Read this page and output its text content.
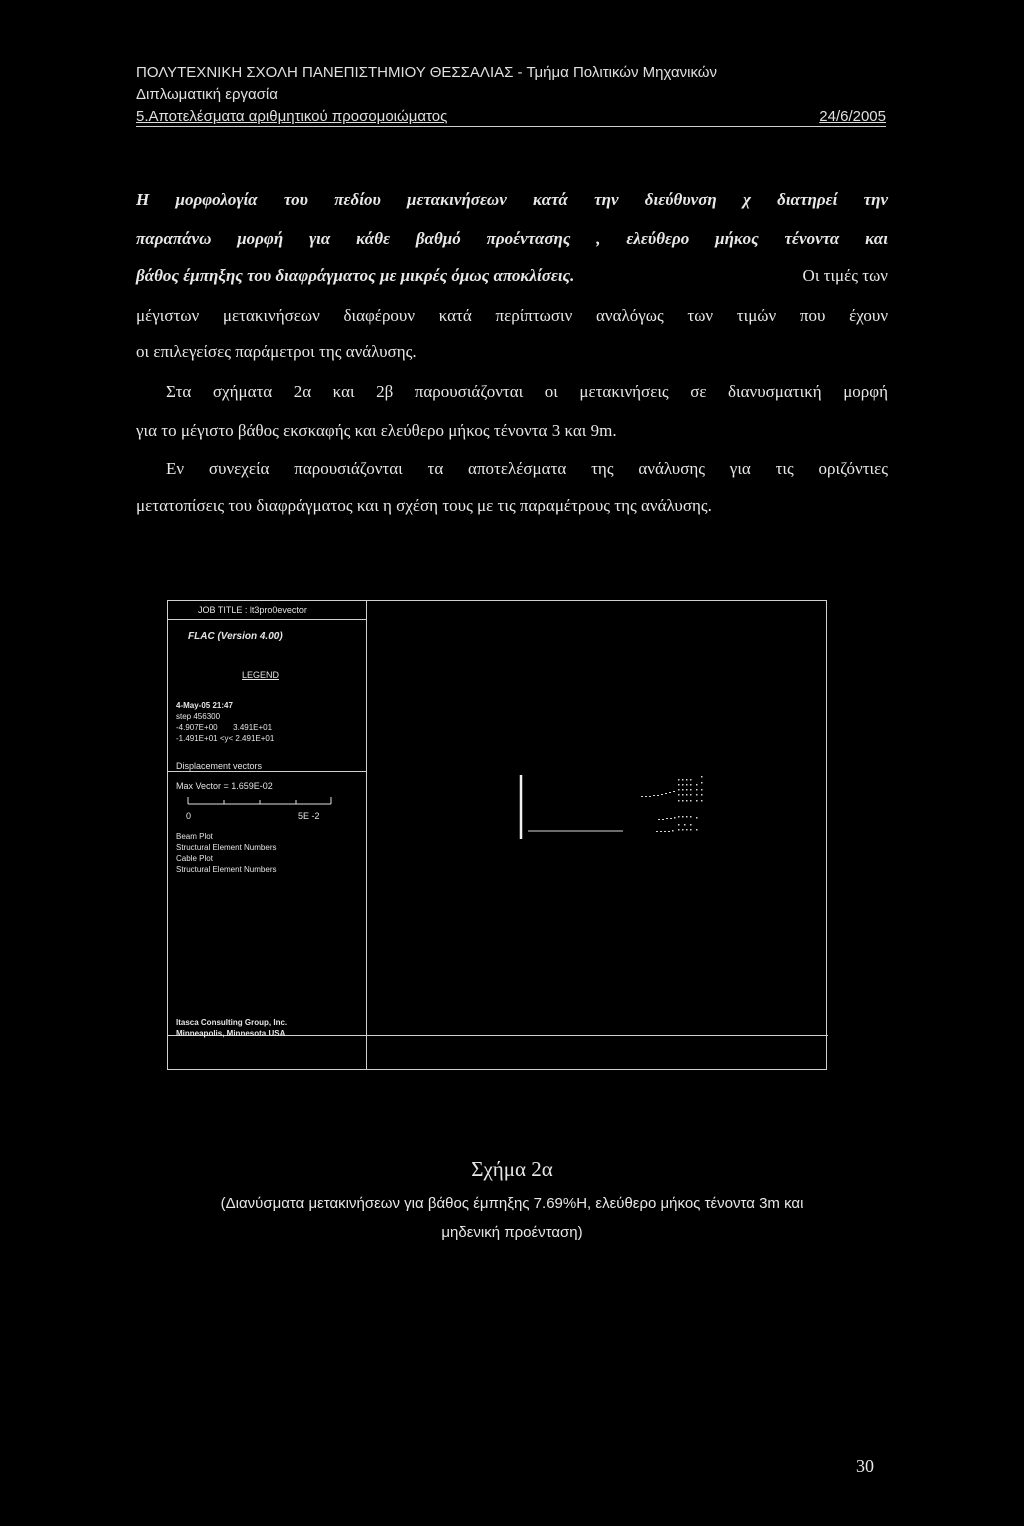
ΠΟΛΥΤΕΧΝΙΚΗ ΣΧΟΛΗ ΠΑΝΕΠΙΣΤΗΜΙΟΥ ΘΕΣΣΑΛΙΑΣ - Τμήμα Πολιτικών Μηχανικών
Διπλωματική εργασία
5.Αποτελέσματα αριθμητικού προσομοιώματος	24/6/2005
Η μορφολογία του πεδίου μετακινήσεων κατά την διεύθυνση χ διατηρεί την
παραπάνω μορφή για κάθε βαθμό προέντασης , ελεύθερο μήκος τένοντα και
βάθος έμπηξης του διαφράγματος με μικρές όμως αποκλίσεις.	Οι τιμές των
μέγιστων μετακινήσεων διαφέρουν κατά περίπτωσιν αναλόγως των τιμών που έχουν
οι επιλεγείσες παράμετροι της ανάλυσης.
Στα σχήματα 2α και 2β παρουσιάζονται οι μετακινήσεις σε διανυσματική μορφή
για το μέγιστο βάθος εκσκαφής και ελεύθερο μήκος τένοντα 3 και 9m.
Εν συνεχεία παρουσιάζονται τα αποτελέσματα της ανάλυσης για τις οριζόντιες
μετατοπίσεις του διαφράγματος και η σχέση τους με τις παραμέτρους της ανάλυσης.
JOB TITLE : lt3pro0evector
FLAC (Version 4.00)
LEGEND
4-May-05 21:47
step 456300
-4.907E+00       3.491E+01
-1.491E+01 <y< 2.491E+01
Displacement vectors
Max Vector = 1.659E-02
0	5E -2
Beam Plot
Structural Element Numbers
Cable Plot
Structural Element Numbers
Itasca Consulting Group, Inc.
Minneapolis, Minnesota USA
Σχήμα 2α
(Διανύσματα μετακινήσεων για βάθος έμπηξης 7.69%H, ελεύθερο μήκος τένοντα 3m και
μηδενική προένταση)
30
